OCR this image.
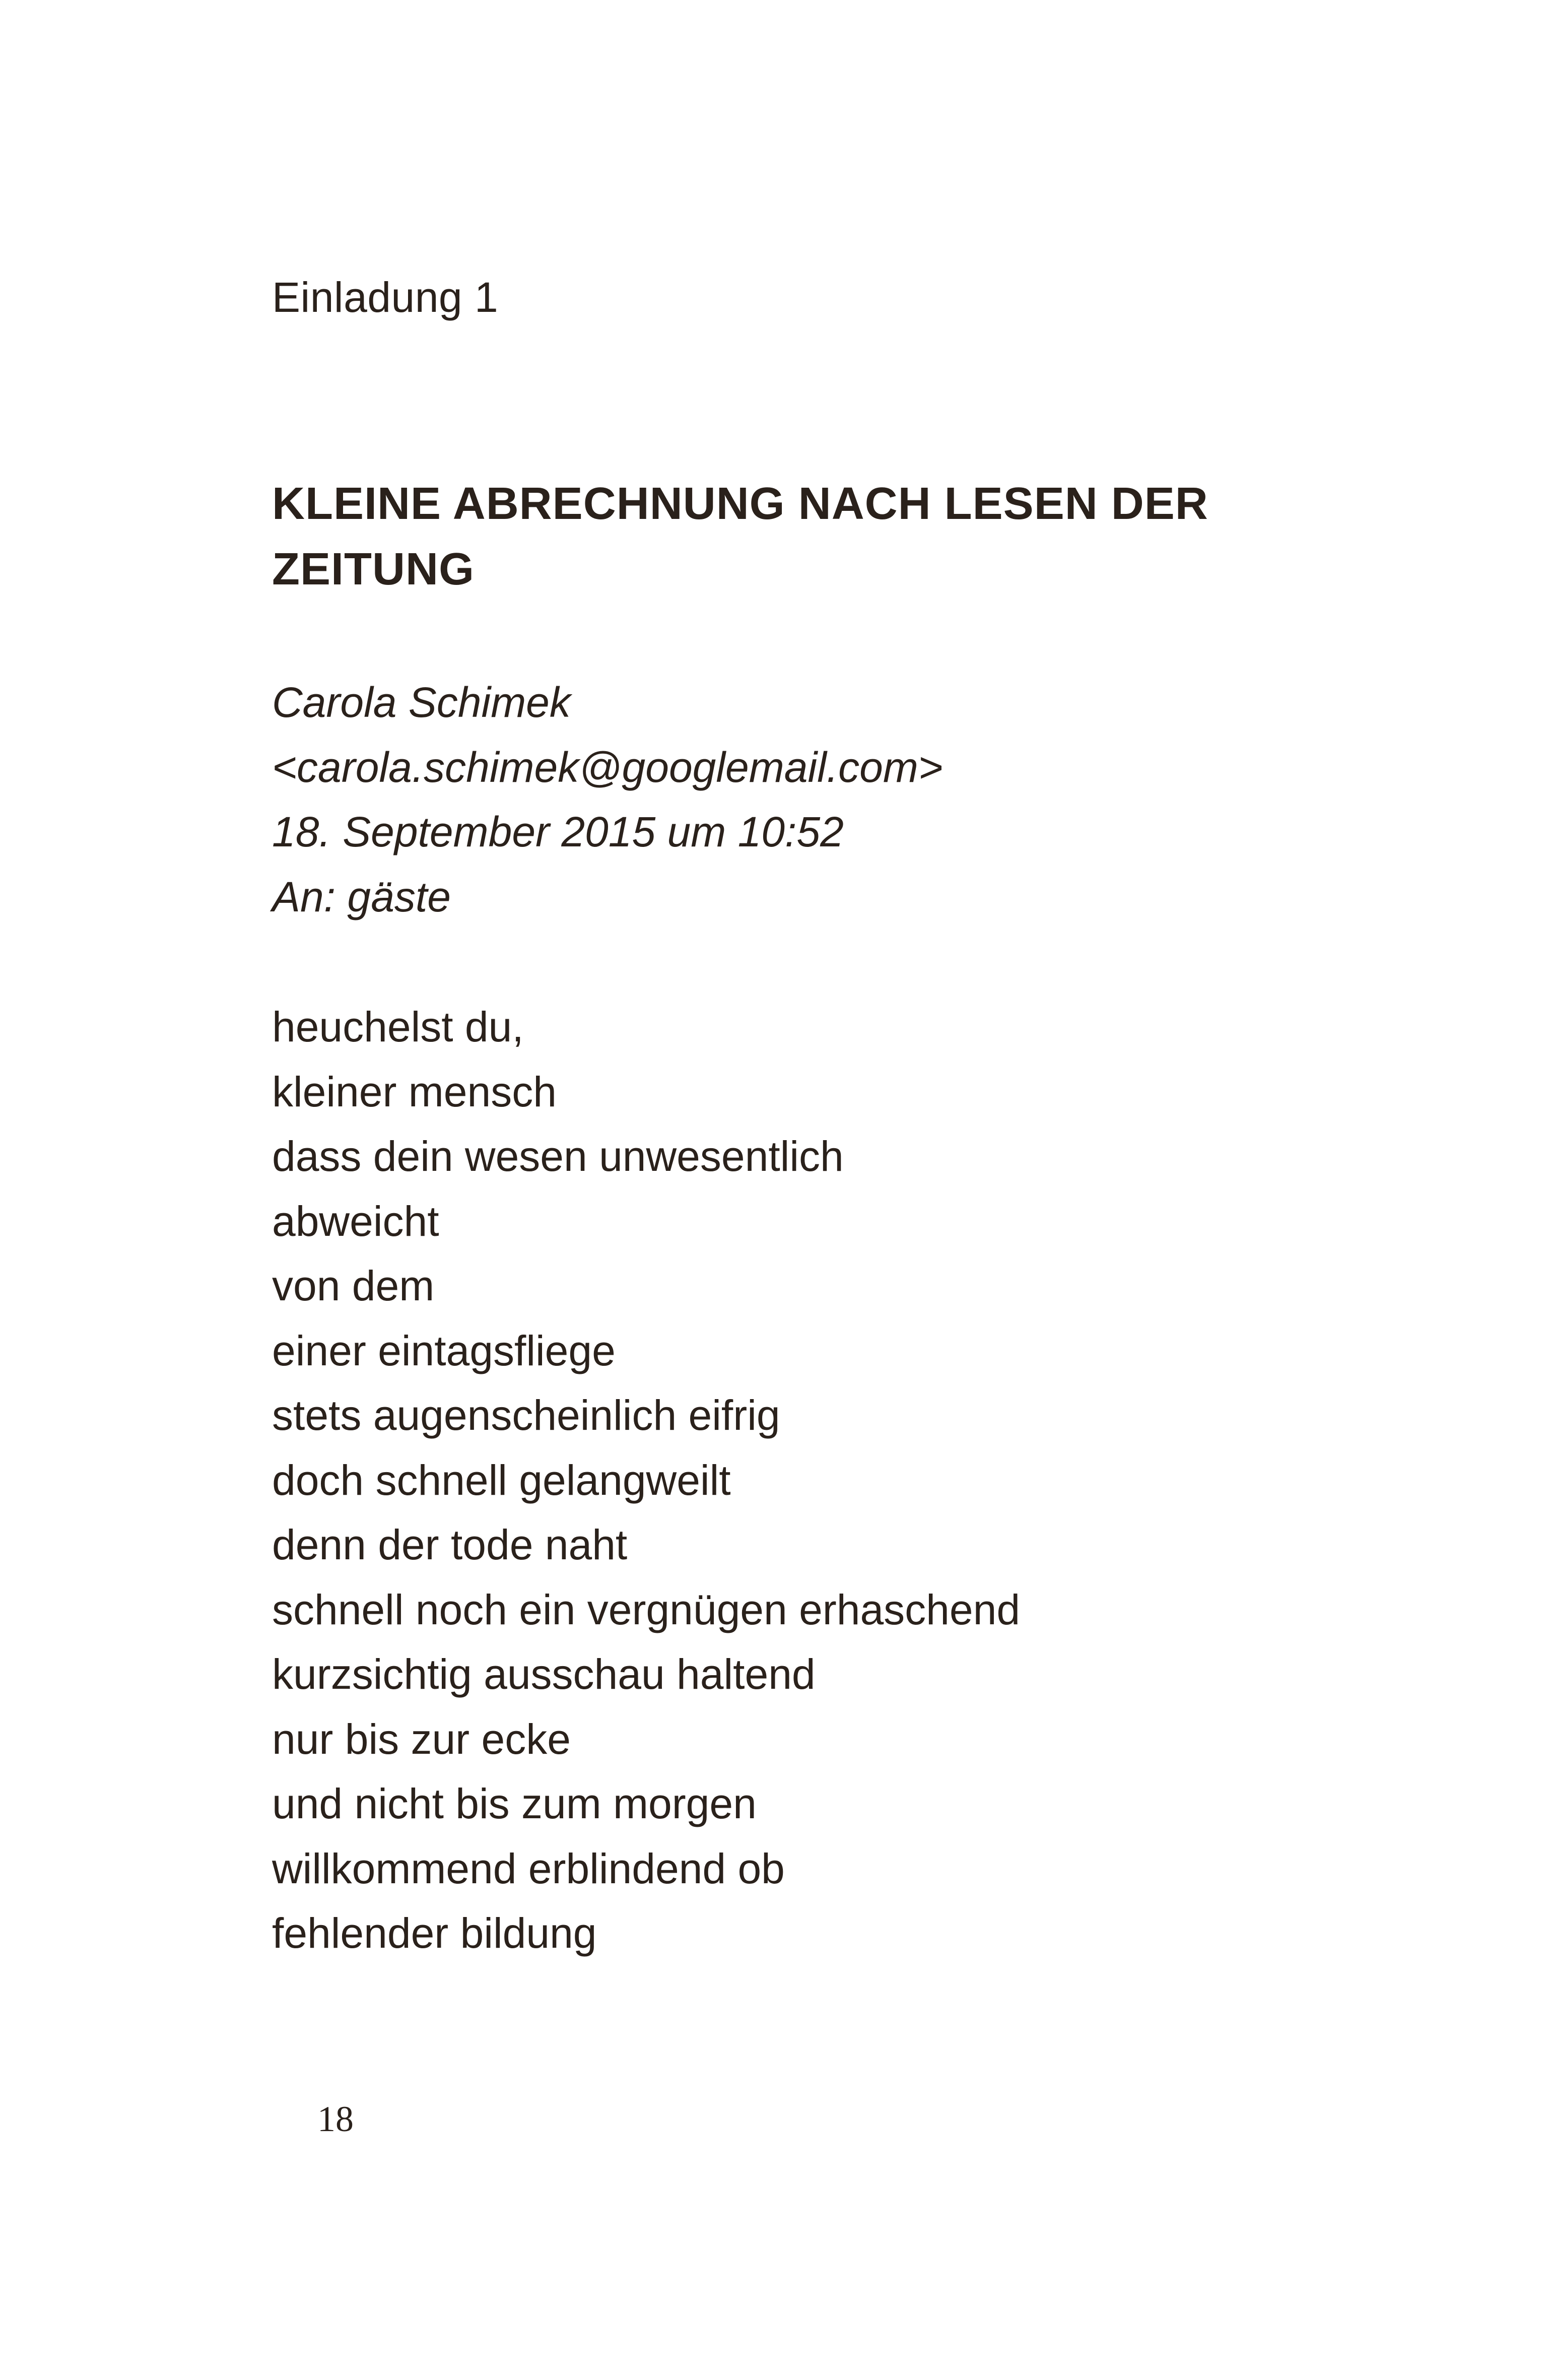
Einladung 1
KLEINE ABRECHNUNG NACH LESEN DER
ZEITUNG
Carola Schimek
<carola.schimek@googlemail.com>
18. September 2015 um 10:52
An: gäste
heuchelst du,
kleiner mensch
dass dein wesen unwesentlich
abweicht
von dem
einer eintagsfliege
stets augenscheinlich eifrig
doch schnell gelangweilt
denn der tode naht
schnell noch ein vergnügen erhaschend
kurzsichtig ausschau haltend
nur bis zur ecke
und nicht bis zum morgen
willkommend erblindend ob
fehlender bildung
18
